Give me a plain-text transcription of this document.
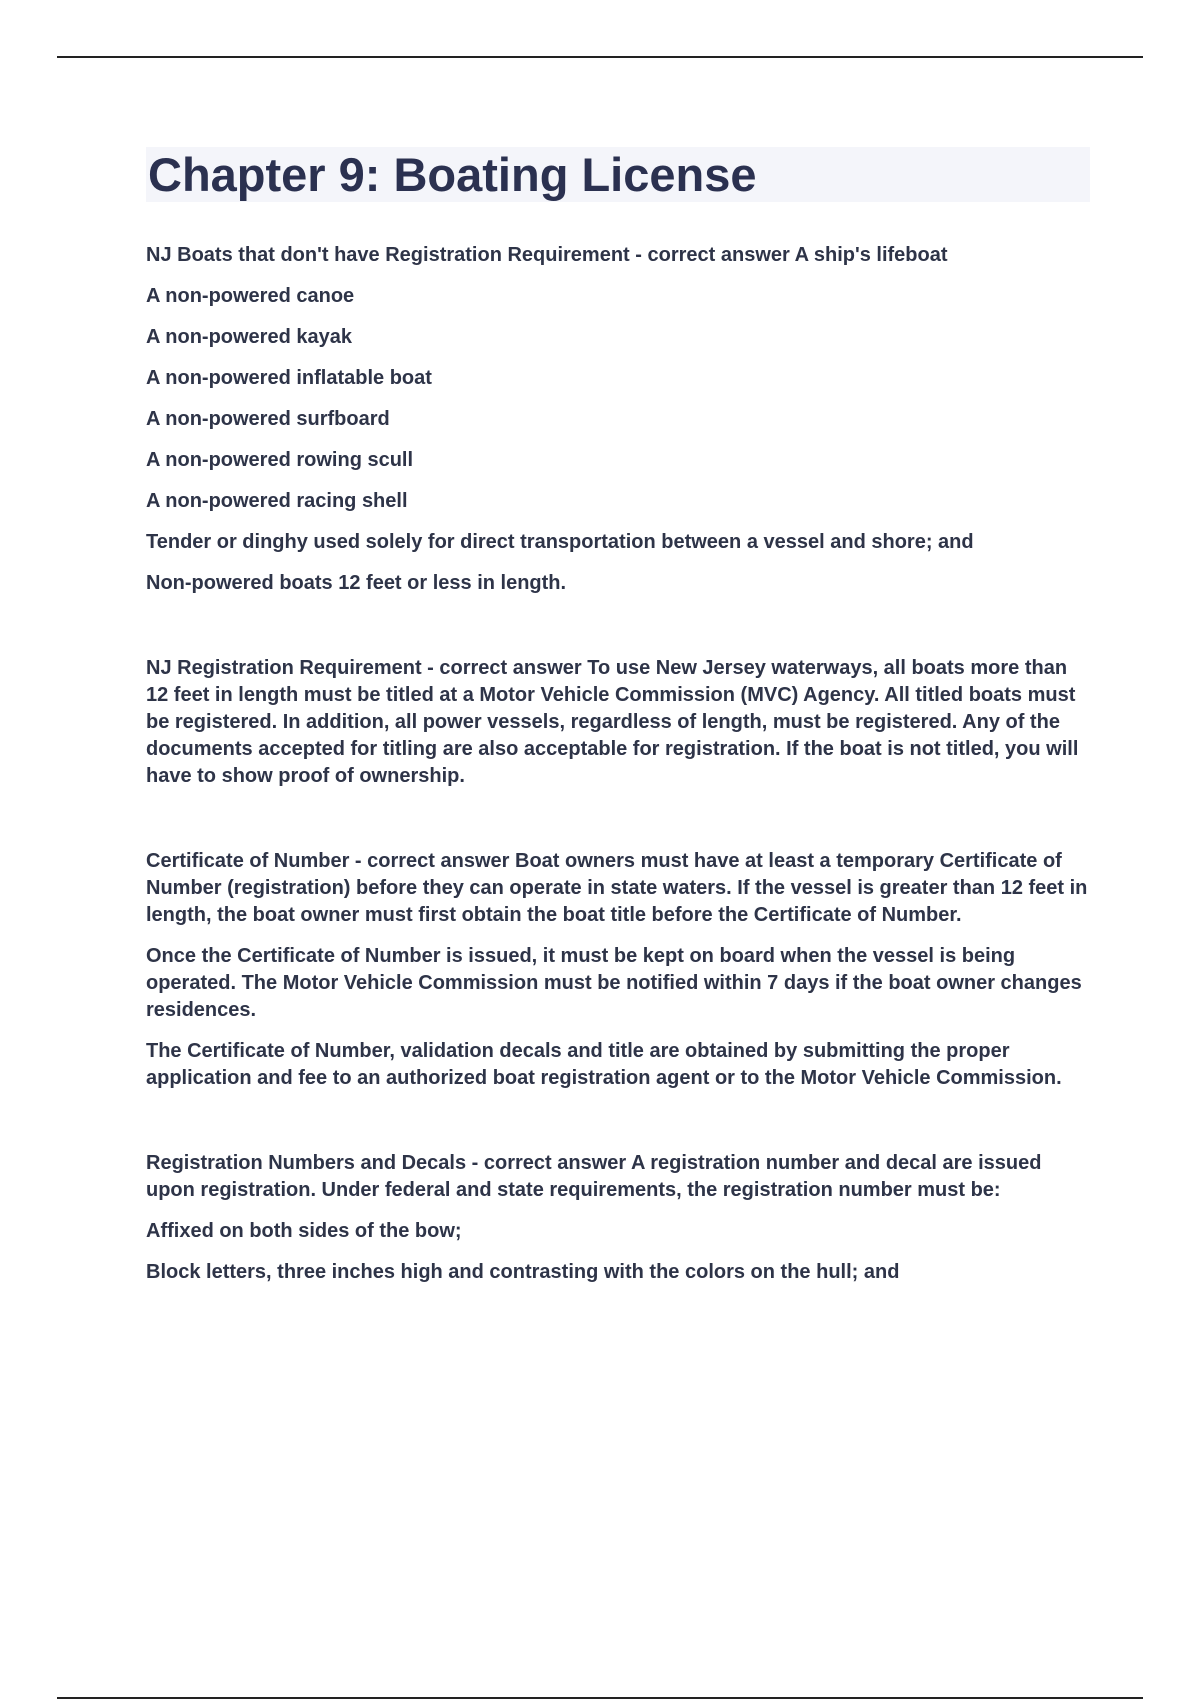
Chapter 9: Boating License

NJ Boats that don't have Registration Requirement - correct answer A ship's lifeboat

A non-powered canoe

A non-powered kayak

A non-powered inflatable boat

A non-powered surfboard

A non-powered rowing scull

A non-powered racing shell

Tender or dinghy used solely for direct transportation between a vessel and shore; and

Non-powered boats 12 feet or less in length.

NJ Registration Requirement - correct answer To use New Jersey waterways, all boats more than 12 feet in length must be titled at a Motor Vehicle Commission (MVC) Agency. All titled boats must be registered. In addition, all power vessels, regardless of length, must be registered. Any of the documents accepted for titling are also acceptable for registration. If the boat is not titled, you will have to show proof of ownership.

Certificate of Number - correct answer Boat owners must have at least a temporary Certificate of Number (registration) before they can operate in state waters. If the vessel is greater than 12 feet in length, the boat owner must first obtain the boat title before the Certificate of Number.

Once the Certificate of Number is issued, it must be kept on board when the vessel is being operated. The Motor Vehicle Commission must be notified within 7 days if the boat owner changes residences.

The Certificate of Number, validation decals and title are obtained by submitting the proper application and fee to an authorized boat registration agent or to the Motor Vehicle Commission.

Registration Numbers and Decals - correct answer A registration number and decal are issued upon registration. Under federal and state requirements, the registration number must be:

Affixed on both sides of the bow;

Block letters, three inches high and contrasting with the colors on the hull; and
